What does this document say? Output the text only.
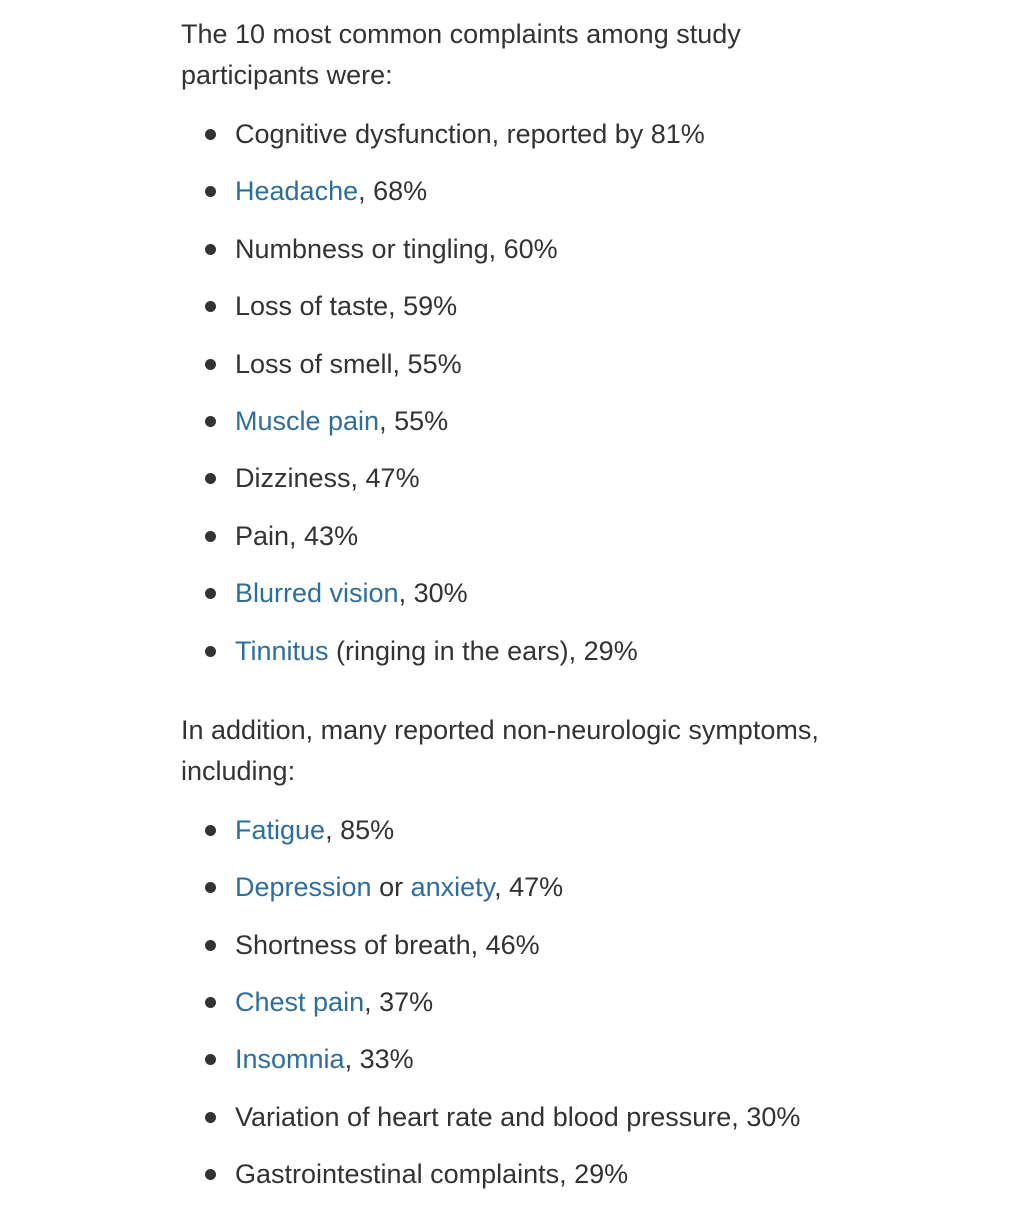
The 10 most common complaints among study participants were:

Cognitive dysfunction, reported by 81%
Headache, 68%
Numbness or tingling, 60%
Loss of taste, 59%
Loss of smell, 55%
Muscle pain, 55%
Dizziness, 47%
Pain, 43%
Blurred vision, 30%
Tinnitus (ringing in the ears), 29%

In addition, many reported non-neurologic symptoms, including:

Fatigue, 85%
Depression or anxiety, 47%
Shortness of breath, 46%
Chest pain, 37%
Insomnia, 33%
Variation of heart rate and blood pressure, 30%
Gastrointestinal complaints, 29%
